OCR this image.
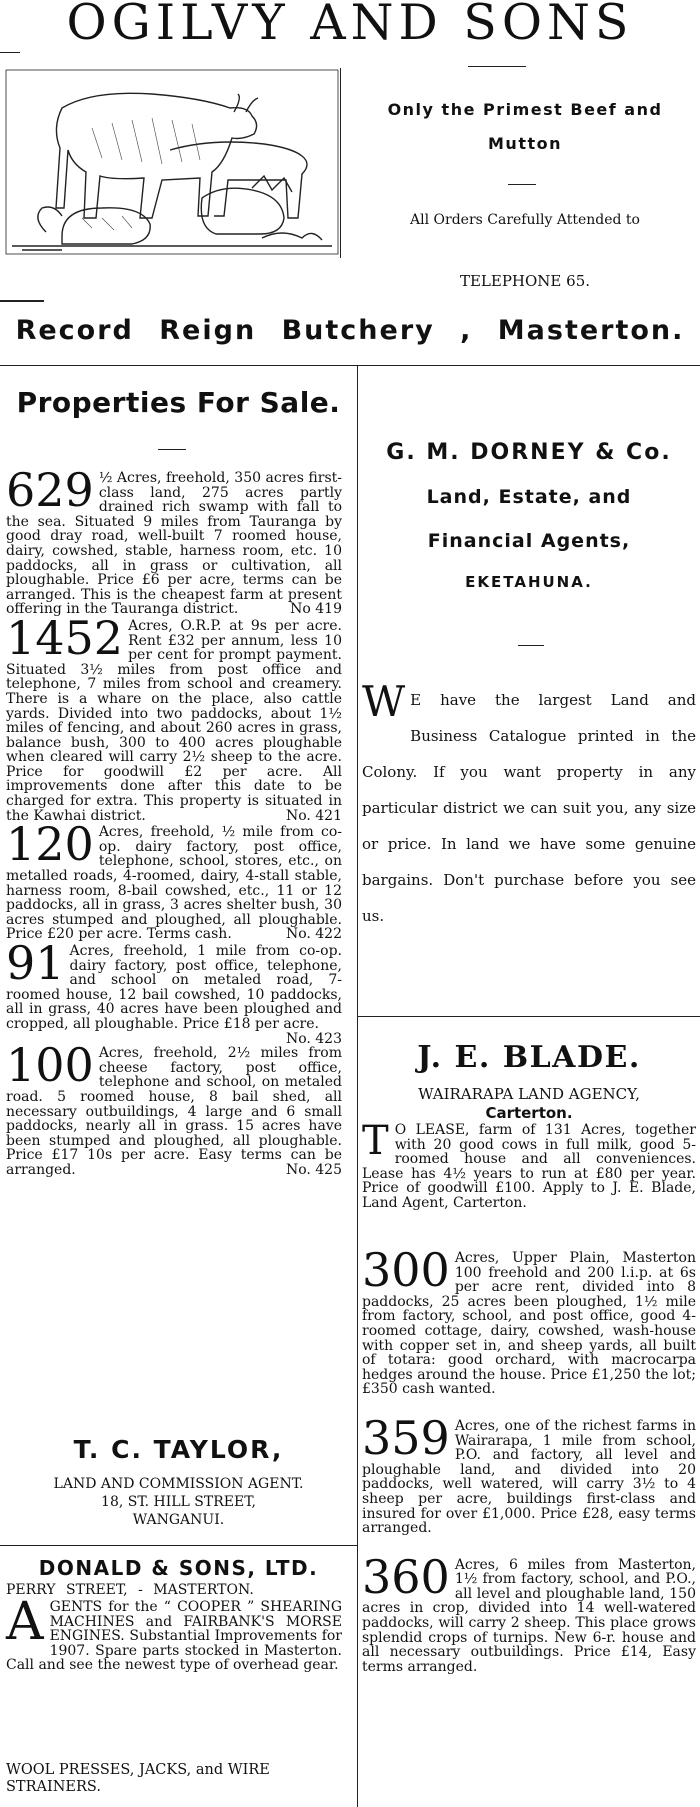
OGILVY AND SONS
Only the Primest Beef and
Mutton
All Orders Carefully Attended to
TELEPHONE 65.
Record Reign Butchery , Masterton.
Properties For Sale.

629 ½ Acres, freehold, 350 acres first-class land, 275 acres partly drained rich swamp with fall to the sea. Situated 9 miles from Tauranga by good dray road, well-built 7 roomed house, dairy, cowshed, stable, harness room, etc. 10 paddocks, all in grass or cultivation, all ploughable. Price £6 per acre, terms can be arranged. This is the cheapest farm at present offering in the Tauranga district.	No 419

1452 Acres, O.R.P. at 9s per acre. Rent £32 per annum, less 10 per cent for prompt payment. Situated 3½ miles from post office and telephone, 7 miles from school and creamery. There is a whare on the place, also cattle yards. Divided into two paddocks, about 1½ miles of fencing, and about 260 acres in grass, balance bush, 300 to 400 acres ploughable when cleared will carry 2½ sheep to the acre. Price for goodwill £2 per acre. All improvements done after this date to be charged for extra. This property is situated in the Kawhai district.	No. 421

120 Acres, freehold, ½ mile from co-op. dairy factory, post office, telephone, school, stores, etc., on metalled roads, 4-roomed, dairy, 4-stall stable, harness room, 8-bail cowshed, etc., 11 or 12 paddocks, all in grass, 3 acres shelter bush, 30 acres stumped and ploughed, all ploughable. Price £20 per acre. Terms cash.	No. 422

91 Acres, freehold, 1 mile from co-op. dairy factory, post office, telephone, and school on metaled road, 7-roomed house, 12 bail cowshed, 10 paddocks, all in grass, 40 acres have been ploughed and cropped, all ploughable. Price £18 per acre.
No. 423

100 Acres, freehold, 2½ miles from cheese factory, post office, telephone and school, on metaled road. 5 roomed house, 8 bail shed, all necessary outbuildings, 4 large and 6 small paddocks, nearly all in grass. 15 acres have been stumped and ploughed, all ploughable. Price £17 10s per acre. Easy terms can be arranged.	No. 425

T. C. TAYLOR,
LAND AND COMMISSION AGENT.
18, ST. HILL STREET,
WANGANUI.
DONALD & SONS, LTD.
PERRY STREET, - MASTERTON.
AGENTS for the “ COOPER ” SHEARING MACHINES and FAIRBANK'S MORSE ENGINES. Substantial Improvements for 1907. Spare parts stocked in Masterton. Call and see the newest type of overhead gear.
WOOL PRESSES, JACKS, and WIRE STRAINERS.
G. M. DORNEY & Co.
Land, Estate, and
Financial Agents,
EKETAHUNA.
W E have the largest Land and Business Catalogue printed in the Colony. If you want property in any particular district we can suit you, any size or price. In land we have some genuine bargains. Don't purchase before you see us.
J. E. BLADE.
WAIRARAPA LAND AGENCY,
Carterton.
T O LEASE, farm of 131 Acres, together with 20 good cows in full milk, good 5-roomed house and all conveniences. Lease has 4½ years to run at £80 per year. Price of goodwill £100. Apply to J. E. Blade, Land Agent, Carterton.

300 Acres, Upper Plain, Masterton 100 freehold and 200 l.i.p. at 6s per acre rent, divided into 8 paddocks, 25 acres been ploughed, 1½ mile from factory, school, and post office, good 4-roomed cottage, dairy, cowshed, wash-house with copper set in, and sheep yards, all built of totara: good orchard, with macrocarpa hedges around the house. Price £1,250 the lot; £350 cash wanted.

359 Acres, one of the richest farms in Wairarapa, 1 mile from school, P.O. and factory, all level and ploughable land, and divided into 20 paddocks, well watered, will carry 3½ to 4 sheep per acre, buildings first-class and insured for over £1,000. Price £28, easy terms arranged.

360 Acres, 6 miles from Masterton, 1½ from factory, school, and P.O., all level and ploughable land, 150 acres in crop, divided into 14 well-watered paddocks, will carry 2 sheep. This place grows splendid crops of turnips. New 6-r. house and all necessary outbuildings. Price £14, Easy terms arranged.
